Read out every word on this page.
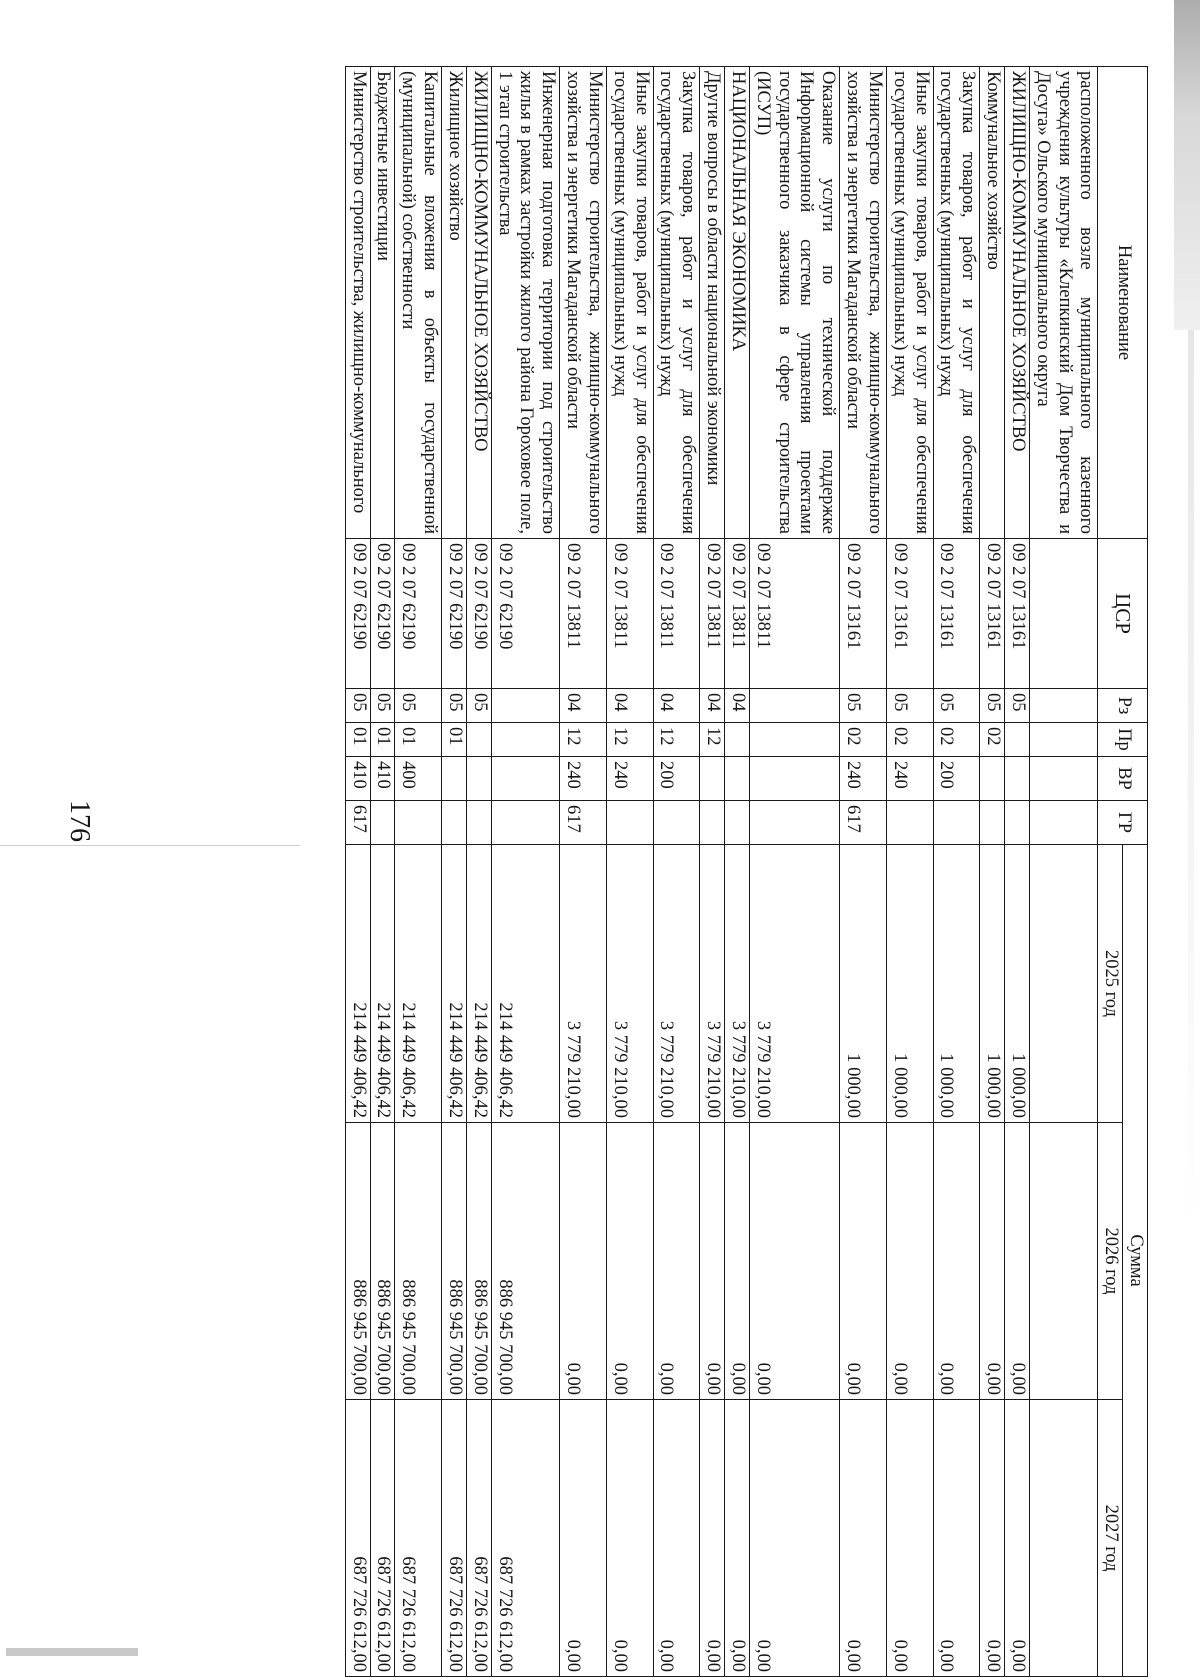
176
Наименование	ЦСР	Рз	Пр	ВР	ГР	Сумма		
						2025 год	2026 год	2027 год
расположенного возле муниципального казенного учреждения культуры «Клепкинский Дом Творчества и Досуга» Ольского муниципального округа								
ЖИЛИЩНО-КОММУНАЛЬНОЕ ХОЗЯЙСТВО	09 2 07 13161	05				1 000,00	0,00	0,00
Коммунальное хозяйство	09 2 07 13161	05	02			1 000,00	0,00	0,00
Закупка товаров, работ и услуг для обеспечения государственных (муниципальных) нужд	09 2 07 13161	05	02	200		1 000,00	0,00	0,00
Иные закупки товаров, работ и услуг для обеспечения государственных (муниципальных) нужд	09 2 07 13161	05	02	240		1 000,00	0,00	0,00
Министерство строительства, жилищно-коммунального хозяйства и энергетики Магаданской области	09 2 07 13161	05	02	240	617	1 000,00	0,00	0,00
Оказание услуги по технической поддержке Информационной системы управления проектами государственного заказчика в сфере строительства (ИСУП)	09 2 07 13811					3 779 210,00	0,00	0,00
НАЦИОНАЛЬНАЯ ЭКОНОМИКА	09 2 07 13811	04				3 779 210,00	0,00	0,00
Другие вопросы в области национальной экономики	09 2 07 13811	04	12			3 779 210,00	0,00	0,00
Закупка товаров, работ и услуг для обеспечения государственных (муниципальных) нужд	09 2 07 13811	04	12	200		3 779 210,00	0,00	0,00
Иные закупки товаров, работ и услуг для обеспечения государственных (муниципальных) нужд	09 2 07 13811	04	12	240		3 779 210,00	0,00	0,00
Министерство строительства, жилищно-коммунального хозяйства и энергетики Магаданской области	09 2 07 13811	04	12	240	617	3 779 210,00	0,00	0,00
Инженерная подготовка территории под строительство жилья в рамках застройки жилого района Гороховое поле, 1 этап строительства	09 2 07 62190					214 449 406,42	886 945 700,00	687 726 612,00
ЖИЛИЩНО-КОММУНАЛЬНОЕ ХОЗЯЙСТВО	09 2 07 62190	05				214 449 406,42	886 945 700,00	687 726 612,00
Жилищное хозяйство	09 2 07 62190	05	01			214 449 406,42	886 945 700,00	687 726 612,00
Капитальные вложения в объекты государственной (муниципальной) собственности	09 2 07 62190	05	01	400		214 449 406,42	886 945 700,00	687 726 612,00
Бюджетные инвестиции	09 2 07 62190	05	01	410		214 449 406,42	886 945 700,00	687 726 612,00
Министерство строительства, жилищно-коммунального	09 2 07 62190	05	01	410	617	214 449 406,42	886 945 700,00	687 726 612,00
